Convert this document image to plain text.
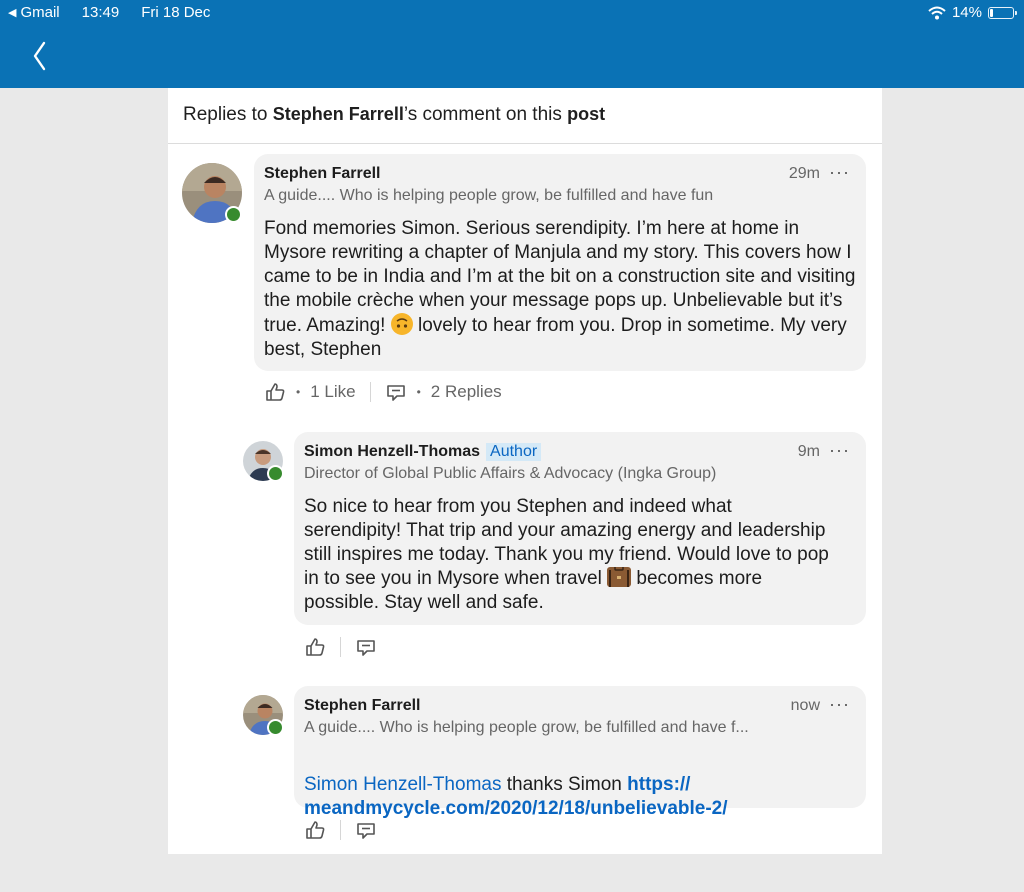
◀ Gmail 13:49 Fri 18 Dec	14%
Replies to Stephen Farrell’s comment on this post
Stephen Farrell
A guide.... Who is helping people grow, be fulfilled and have fun
29m ···
Fond memories Simon. Serious serendipity. I’m here at home in Mysore rewriting a chapter of Manjula and my story. This covers how I came to be in India and I’m at the bit on a construction site and visiting the mobile crèche when your message pops up. Unbelievable but it’s true. Amazing!  lovely to hear from you. Drop in sometime. My very best, Stephen
• 1 Like	• 2 Replies
Simon Henzell-Thomas Author
Director of Global Public Affairs & Advocacy (Ingka Group)
9m ···
So nice to hear from you Stephen and indeed what serendipity! That trip and your amazing energy and leadership still inspires me today. Thank you my friend. Would love to pop in to see you in Mysore when travel  becomes more possible. Stay well and safe.
Stephen Farrell
A guide.... Who is helping people grow, be fulfilled and have f...
now ···

Simon Henzell-Thomas thanks Simon https://
meandmycycle.com/2020/12/18/unbelievable-2/
